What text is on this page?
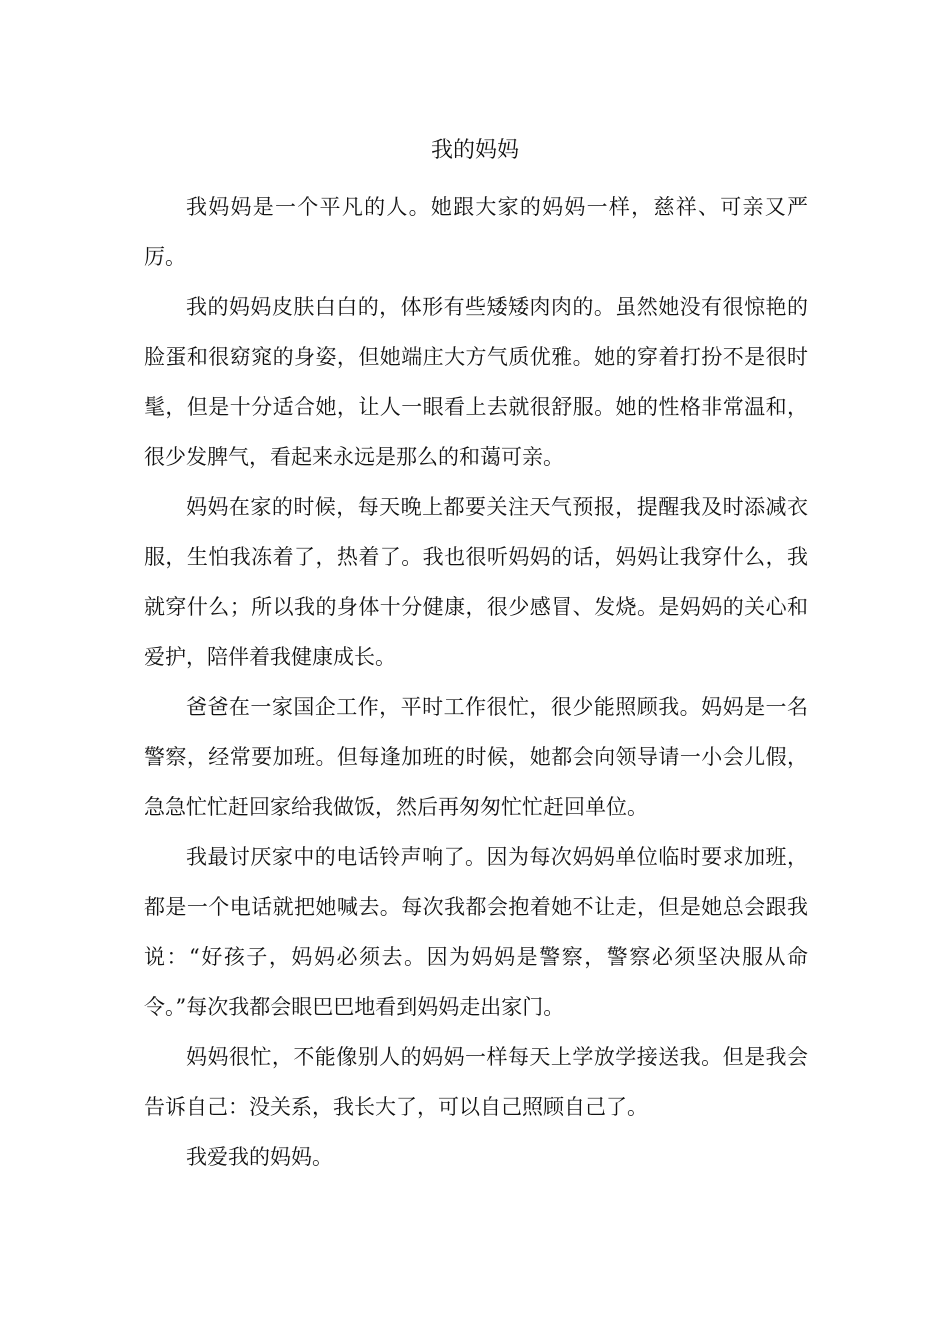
我的妈妈

我妈妈是一个平凡的人。她跟大家的妈妈一样，慈祥、可亲又严厉。

我的妈妈皮肤白白的，体形有些矮矮肉肉的。虽然她没有很惊艳的脸蛋和很窈窕的身姿，但她端庄大方气质优雅。她的穿着打扮不是很时髦，但是十分适合她，让人一眼看上去就很舒服。她的性格非常温和，很少发脾气，看起来永远是那么的和蔼可亲。

妈妈在家的时候，每天晚上都要关注天气预报，提醒我及时添减衣服，生怕我冻着了，热着了。我也很听妈妈的话，妈妈让我穿什么，我就穿什么；所以我的身体十分健康，很少感冒、发烧。是妈妈的关心和爱护，陪伴着我健康成长。

爸爸在一家国企工作，平时工作很忙，很少能照顾我。妈妈是一名警察，经常要加班。但每逢加班的时候，她都会向领导请一小会儿假，急急忙忙赶回家给我做饭，然后再匆匆忙忙赶回单位。

我最讨厌家中的电话铃声响了。因为每次妈妈单位临时要求加班，都是一个电话就把她喊去。每次我都会抱着她不让走，但是她总会跟我说：“好孩子，妈妈必须去。因为妈妈是警察，警察必须坚决服从命令。”每次我都会眼巴巴地看到妈妈走出家门。

妈妈很忙，不能像别人的妈妈一样每天上学放学接送我。但是我会告诉自己：没关系，我长大了，可以自己照顾自己了。

我爱我的妈妈。
